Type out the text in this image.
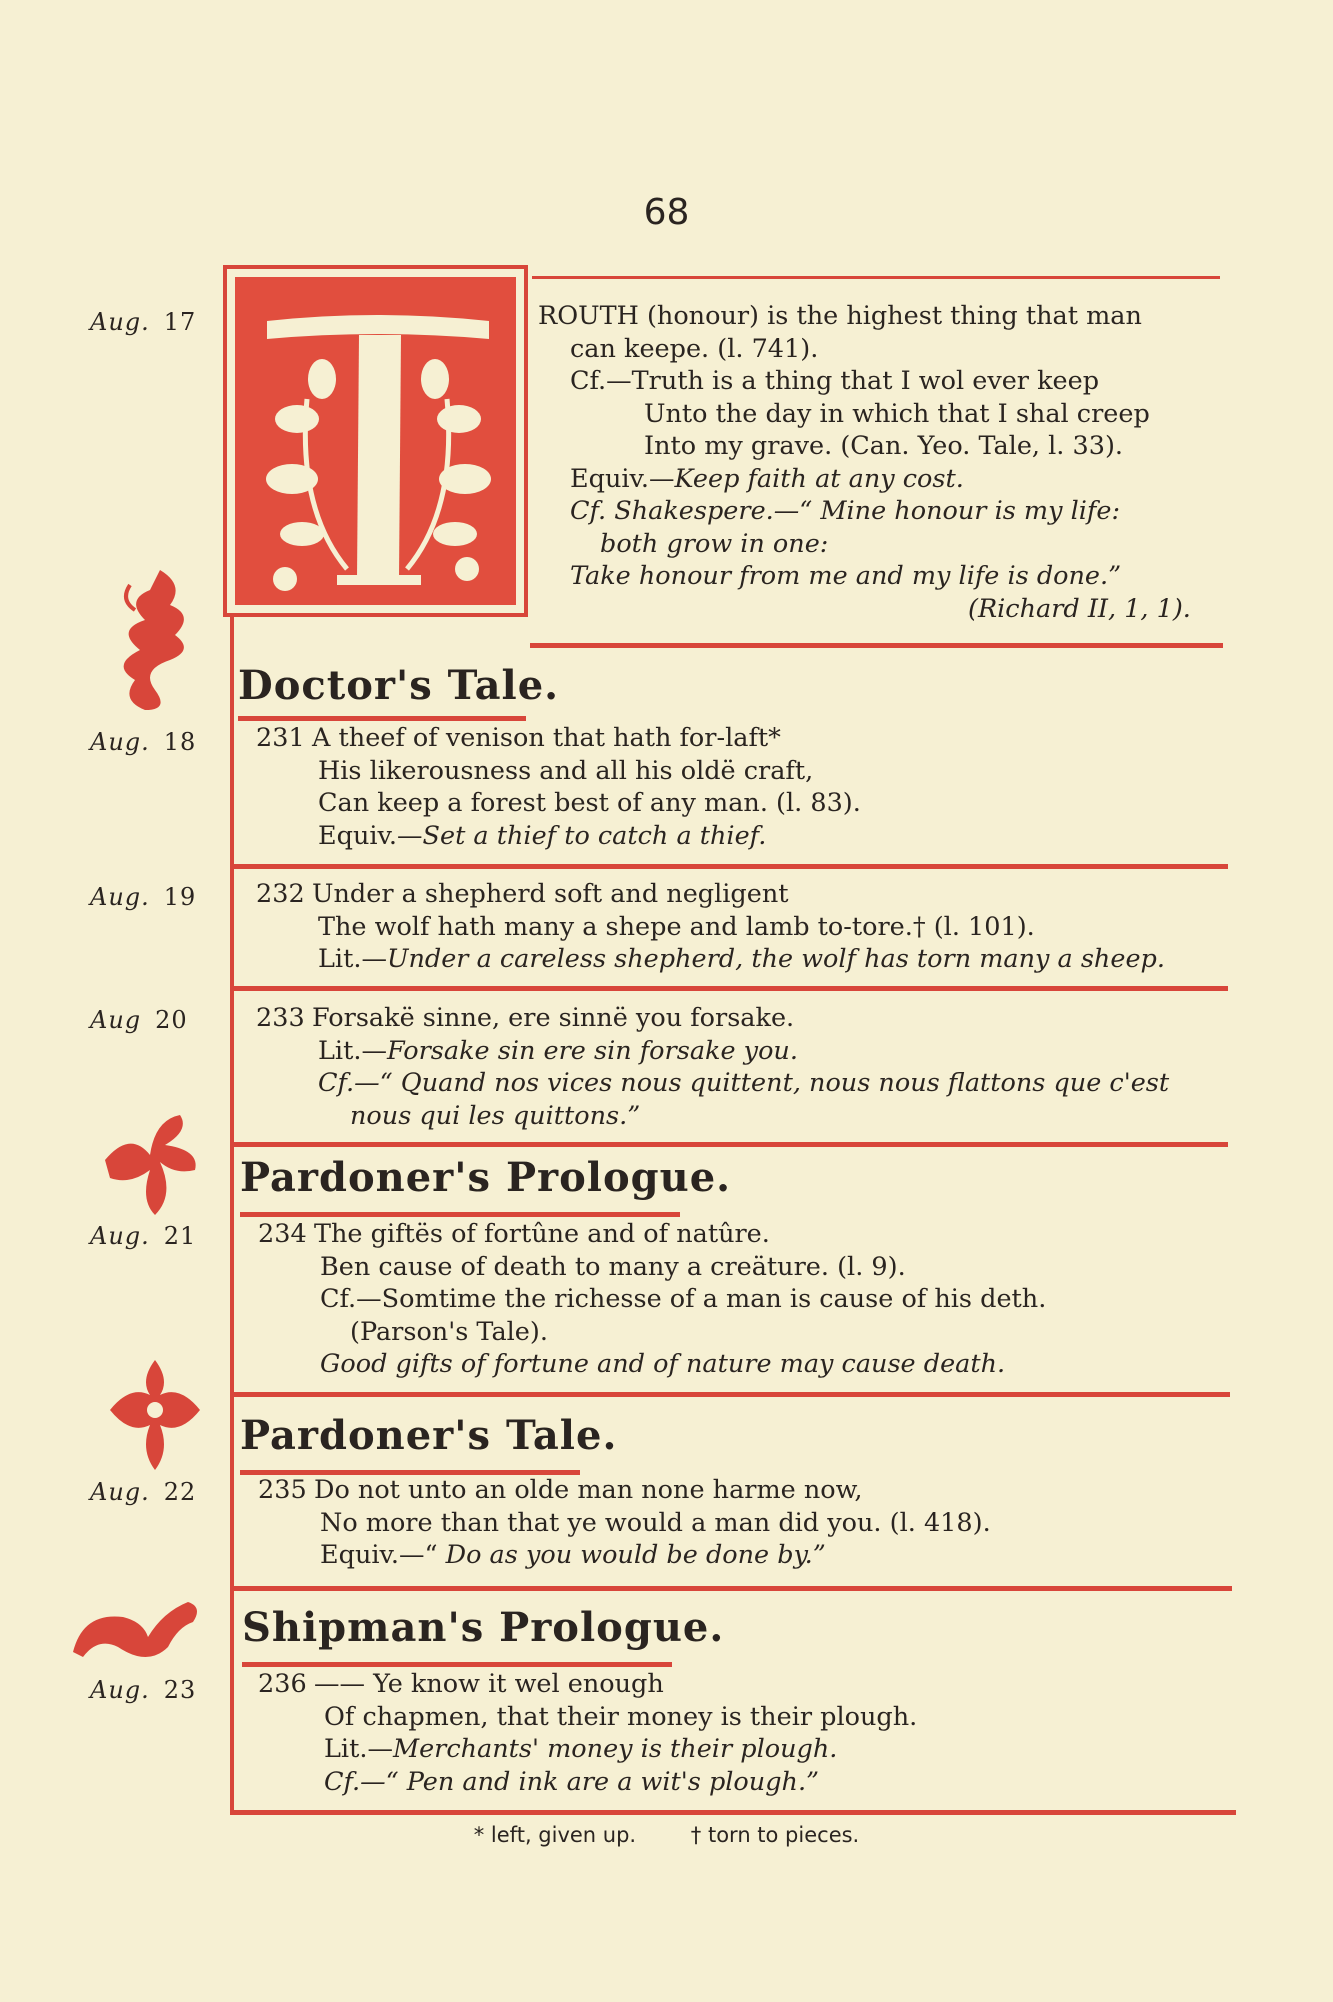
68
Aug. 17
Aug. 18
Aug. 19
Aug 20
Aug. 21
Aug. 22
Aug. 23
ROUTH (honour) is the highest thing that man
can keepe. (l. 741).
Cf.—Truth is a thing that I wol ever keep
Unto the day in which that I shal creep
Into my grave. (Can. Yeo. Tale, l. 33).
Equiv.—Keep faith at any cost.
Cf. Shakespere.—“ Mine honour is my life:
both grow in one:
Take honour from me and my life is done.”
(Richard II, 1, 1).
Doctor's Tale.
231 A theef of venison that hath for-laft*
His likerousness and all his oldë craft,
Can keep a forest best of any man. (l. 83).
Equiv.—Set a thief to catch a thief.
232 Under a shepherd soft and negligent
The wolf hath many a shepe and lamb to-tore.† (l. 101).
Lit.—Under a careless shepherd, the wolf has torn many a sheep.
233 Forsakë sinne, ere sinnë you forsake.
Lit.—Forsake sin ere sin forsake you.
Cf.—“ Quand nos vices nous quittent, nous nous flattons que c'est
nous qui les quittons.”
Pardoner's Prologue.
234 The giftës of fortûne and of natûre.
Ben cause of death to many a creäture. (l. 9).
Cf.—Somtime the richesse of a man is cause of his deth.
(Parson's Tale).
Good gifts of fortune and of nature may cause death.
Pardoner's Tale.
235 Do not unto an olde man none harme now,
No more than that ye would a man did you. (l. 418).
Equiv.—“ Do as you would be done by.”
Shipman's Prologue.
236 —— Ye know it wel enough
Of chapmen, that their money is their plough.
Lit.—Merchants' money is their plough.
Cf.—“ Pen and ink are a wit's plough.”
* left, given up.	† torn to pieces.
